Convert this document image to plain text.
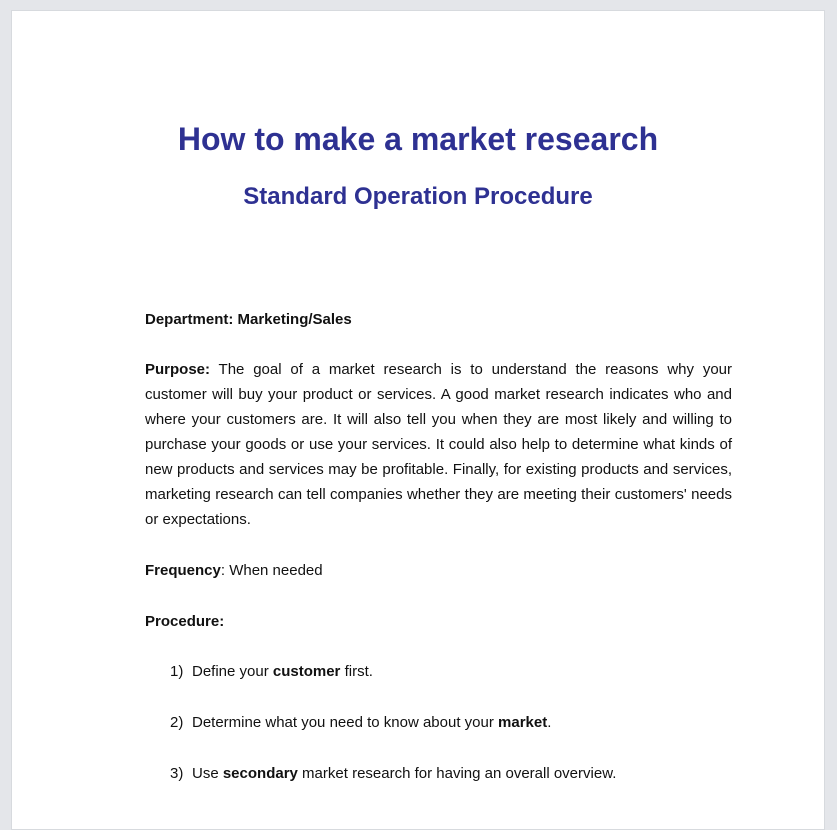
How to make a market research
Standard Operation Procedure

Department: Marketing/Sales

Purpose: The goal of a market research is to understand the reasons why your customer will buy your product or services. A good market research indicates who and where your customers are. It will also tell you when they are most likely and willing to purchase your goods or use your services. It could also help to determine what kinds of new products and services may be profitable. Finally, for existing products and services, marketing research can tell companies whether they are meeting their customers' needs or expectations.

Frequency: When needed

Procedure:

1) Define your customer first.
2) Determine what you need to know about your market.
3) Use secondary market research for having an overall overview.
